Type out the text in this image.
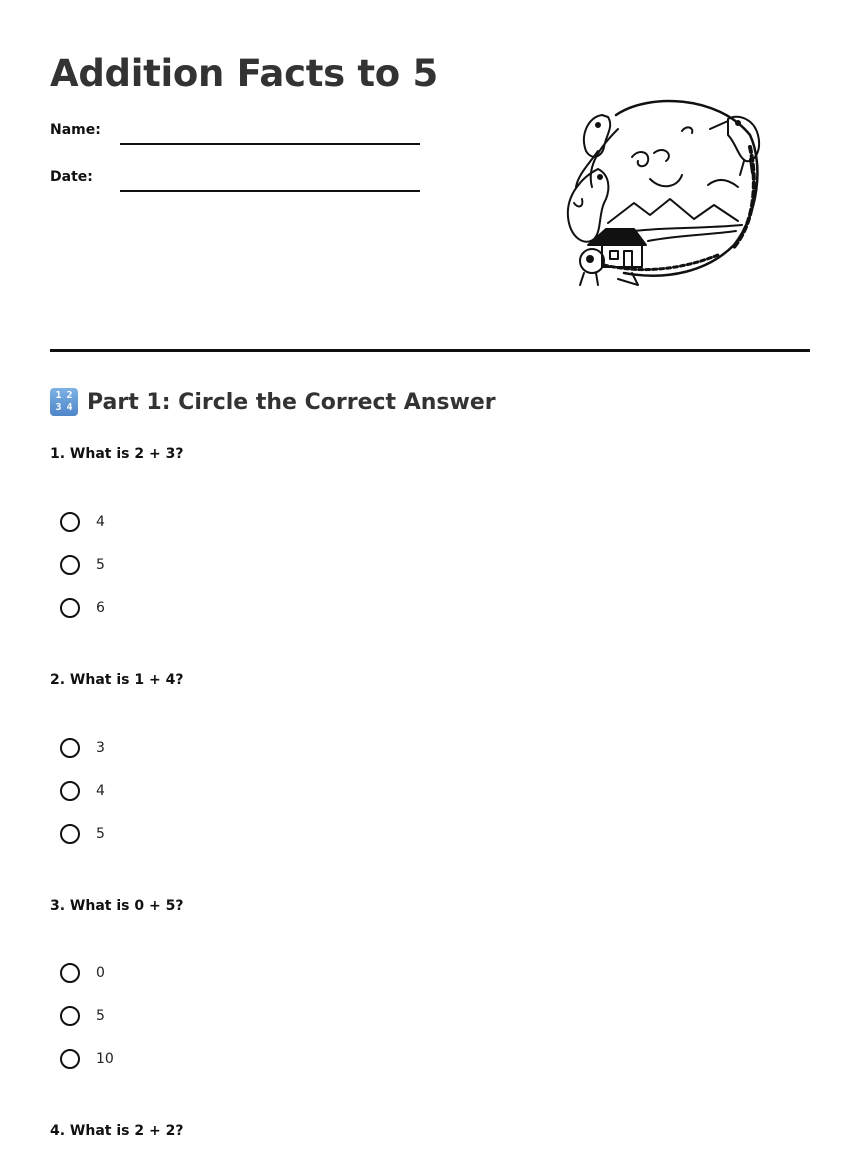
Addition Facts to 5
Name:
Date:
1 2
3 4 Part 1: Circle the Correct Answer
1. What is 2 + 3?
4
5
6
2. What is 1 + 4?
3
4
5
3. What is 0 + 5?
0
5
10
4. What is 2 + 2?
